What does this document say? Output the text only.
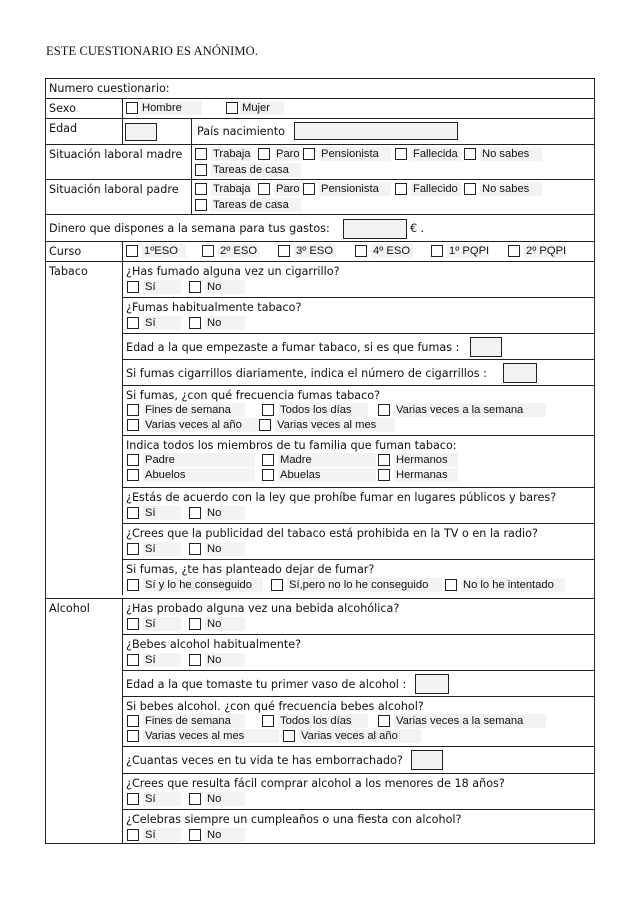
ESTE CUESTIONARIO ES ANÓNIMO.
Numero cuestionario:
Sexo	Hombre	Mujer
Edad	País nacimiento
Situación laboral madre	Trabaja Paro Pensionista	Fallecida No sabes
Tareas de casa
Situación laboral padre	Trabaja Paro Pensionista	Fallecido No sabes
Tareas de casa
Dinero que dispones a la semana para tus gastos:	€ .
Curso	1ºESO	2º ESO	3º ESO	4º ESO	1º PQPI	2º PQPI
Tabaco	¿Has fumado alguna vez un cigarrillo?
Sí	No
¿Fumas habitualmente tabaco?
Sí	No
Edad a la que empezaste a fumar tabaco, si es que fumas :
Si fumas cigarrillos diariamente, indica el número de cigarrillos :
Si fumas, ¿con qué frecuencia fumas tabaco?
Fines de semana	Todos los días	Varias veces a la semana
Varias veces al año	Varias veces al mes
Indica todos los miembros de tu familia que fuman tabaco:
Padre	Madre	Hermanos
Abuelos	Abuelas	Hermanas
¿Estás de acuerdo con la ley que prohíbe fumar en lugares públicos y bares?
Sí	No
¿Crees que la publicidad del tabaco está prohibida en la TV o en la radio?
Sí	No
Si fumas, ¿te has planteado dejar de fumar?
Sí y lo he conseguido	Sí,pero no lo he conseguido	No lo he intentado
Alcohol	¿Has probado alguna vez una bebida alcohólica?
Sí	No
¿Bebes alcohol habitualmente?
Sí	No
Edad a la que tomaste tu primer vaso de alcohol :
Si bebes alcohol. ¿con qué frecuencia bebes alcohol?
Fines de semana	Todos los días	Varias veces a la semana
Varias veces al mes	Varias veces al año
¿Cuantas veces en tu vida te has emborrachado?
¿Crees que resulta fácil comprar alcohol a los menores de 18 años?
Sí	No
¿Celebras siempre un cumpleaños o una fiesta con alcohol?
Sí	No
